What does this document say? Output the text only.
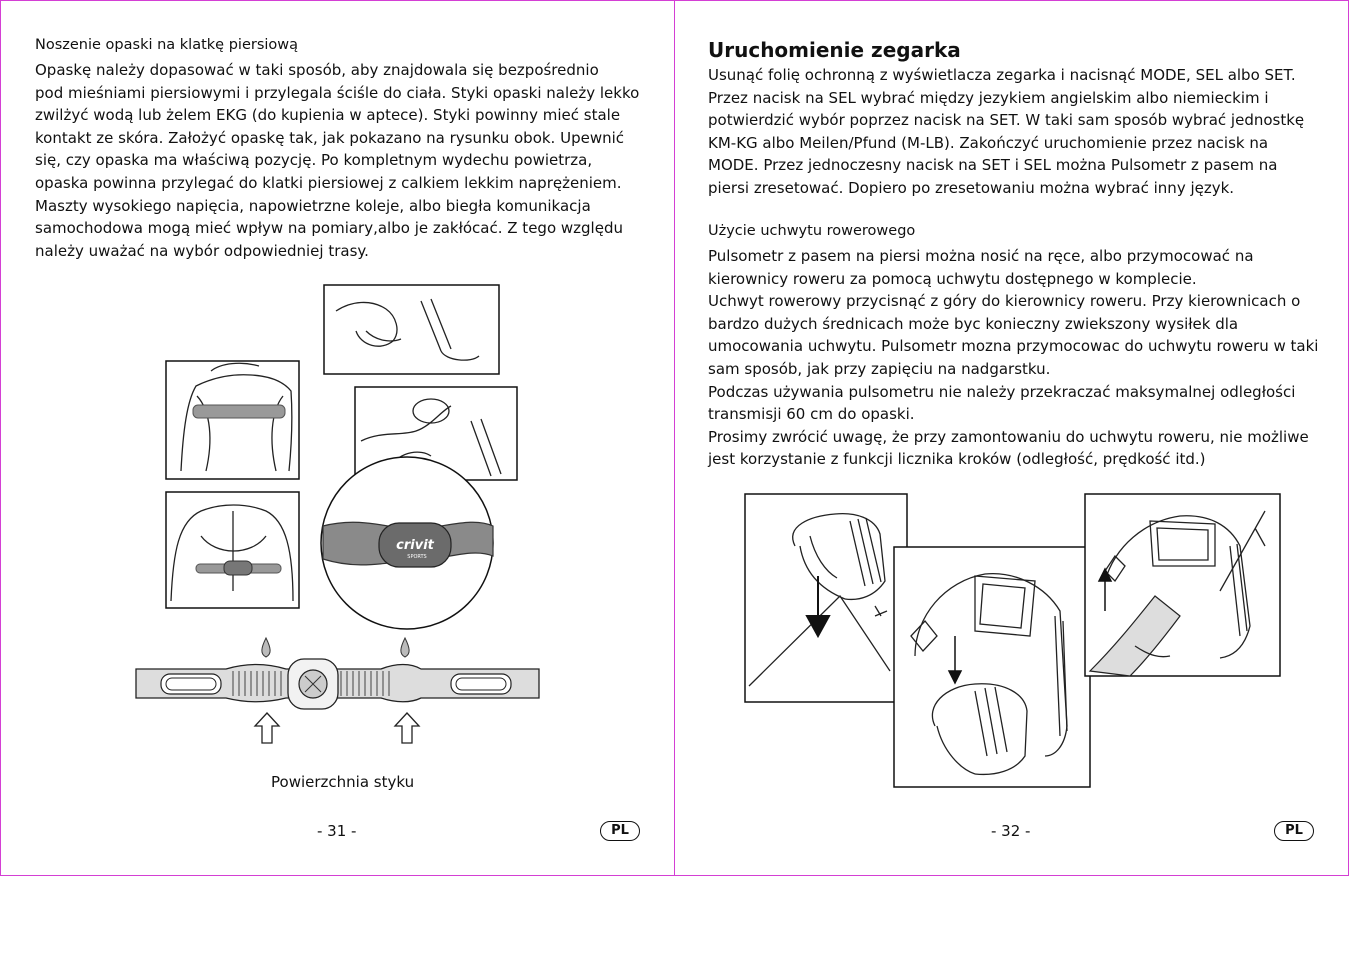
Noszenie opaski na klatkę piersiową
Opaskę należy dopasować w taki sposób, aby znajdowala się bezpośrednio
pod mieśniami piersiowymi i przylegala ściśle do ciała. Styki opaski należy lekko
zwilżyć wodą lub żelem EKG (do kupienia w aptece). Styki powinny mieć stale
kontakt ze skóra. Założyć opaskę tak, jak pokazano na rysunku obok. Upewnić
się, czy opaska ma właściwą pozycję. Po kompletnym wydechu powietrza,
opaska powinna przylegać do klatki piersiowej z calkiem lekkim naprężeniem.
Maszty wysokiego napięcia, napowietrzne koleje, albo biegła komunikacja
samochodowa mogą mieć wpływ na pomiary,albo je zakłócać. Z tego względu
należy uważać na wybór odpowiedniej trasy.
crivit
SPORTS
Powierzchnia styku
- 31 -	PL
Uruchomienie zegarka
Usunąć folię ochronną z wyświetlacza zegarka i nacisnąć MODE, SEL albo SET.
Przez nacisk na SEL wybrać między jezykiem angielskim albo niemieckim i
potwierdzić wybór poprzez nacisk na SET. W taki sam sposób wybrać jednostkę
KM-KG albo Meilen/Pfund (M-LB). Zakończyć uruchomienie przez nacisk na
MODE. Przez jednoczesny nacisk na SET i SEL można Pulsometr z pasem na
piersi zresetować. Dopiero po zresetowaniu można wybrać inny język.
Użycie uchwytu rowerowego
Pulsometr z pasem na piersi można nosić na ręce, albo przymocować na
kierownicy roweru za pomocą uchwytu dostępnego w komplecie.
Uchwyt rowerowy przycisnąć z góry do kierownicy roweru. Przy kierownicach o
bardzo dużych średnicach może byc konieczny zwiekszony wysiłek dla
umocowania uchwytu. Pulsometr mozna przymocowac do uchwytu roweru w taki
sam sposób, jak przy zapięciu na nadgarstku.
Podczas używania pulsometru nie należy przekraczać maksymalnej odległości
transmisji 60 cm do opaski.
Prosimy zwrócić uwagę, że przy zamontowaniu do uchwytu roweru, nie możliwe
jest korzystanie z funkcji licznika kroków (odległość, prędkość itd.)
- 32 -	PL
